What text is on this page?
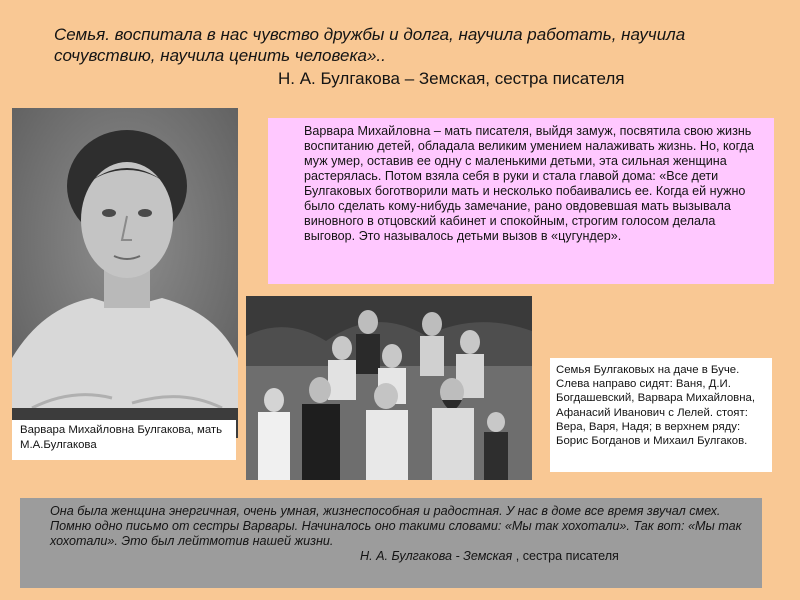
Семья. воспитала в нас чувство дружбы и долга, научила работать, научила сочувствию, научила ценить человека»..
Н. А. Булгакова – Земская, сестра писателя
Варвара Михайловна – мать писателя, выйдя замуж, посвятила свою жизнь воспитанию детей, обладала великим умением налаживать жизнь. Но, когда муж умер, оставив ее одну с маленькими детьми, эта сильная женщина растерялась. Потом взяла себя в руки и стала главой дома: «Все дети Булгаковых боготворили мать и несколько побаивались ее. Когда ей нужно было сделать кому-нибудь замечание, рано овдовевшая мать вызывала виновного в отцовский кабинет и спокойным, строгим голосом делала выговор. Это называлось детьми вызов в «цугундер».
Семья Булгаковых на даче в Буче. Слева направо сидят: Ваня, Д.И. Богдашевский, Варвара Михайловна, Афанасий Иванович с Лелей. стоят: Вера, Варя, Надя; в верхнем ряду: Борис Богданов и Михаил Булгаков.
Варвара Михайловна Булгакова, мать М.А.Булгакова
Она была женщина энергичная, очень умная, жизнеспособная и радостная. У нас в доме все время звучал смех. Помню одно письмо от сестры Варвары. Начиналось оно такими словами: «Мы так хохотали». Так вот: «Мы так хохотали». Это был лейтмотив нашей жизни.
Н. А. Булгакова - Земская , сестра писателя
